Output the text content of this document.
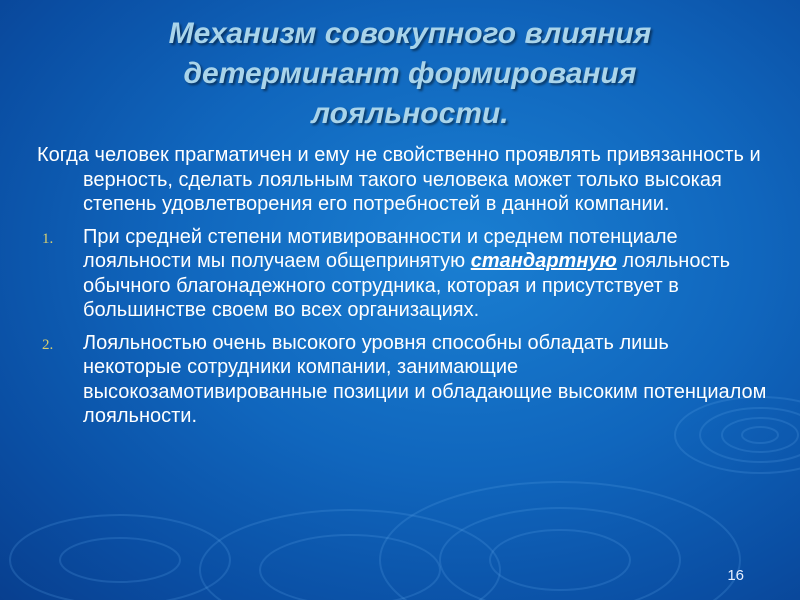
Механизм совокупного влияния
детерминант формирования
лояльности.

Когда человек прагматичен и ему не свойственно проявлять привязанность и верность, сделать лояльным такого человека может только высокая степень удовлетворения его потребностей в данной компании.

1. При средней степени мотивированности и среднем потенциале лояльности мы получаем общепринятую стандартную лояльность обычного благонадежного сотрудника, которая и присутствует в большинстве своем во всех организациях.
2. Лояльностью очень высокого уровня способны обладать лишь некоторые сотрудники компании, занимающие высокозамотивированные позиции и обладающие высоким потенциалом лояльности.
16
